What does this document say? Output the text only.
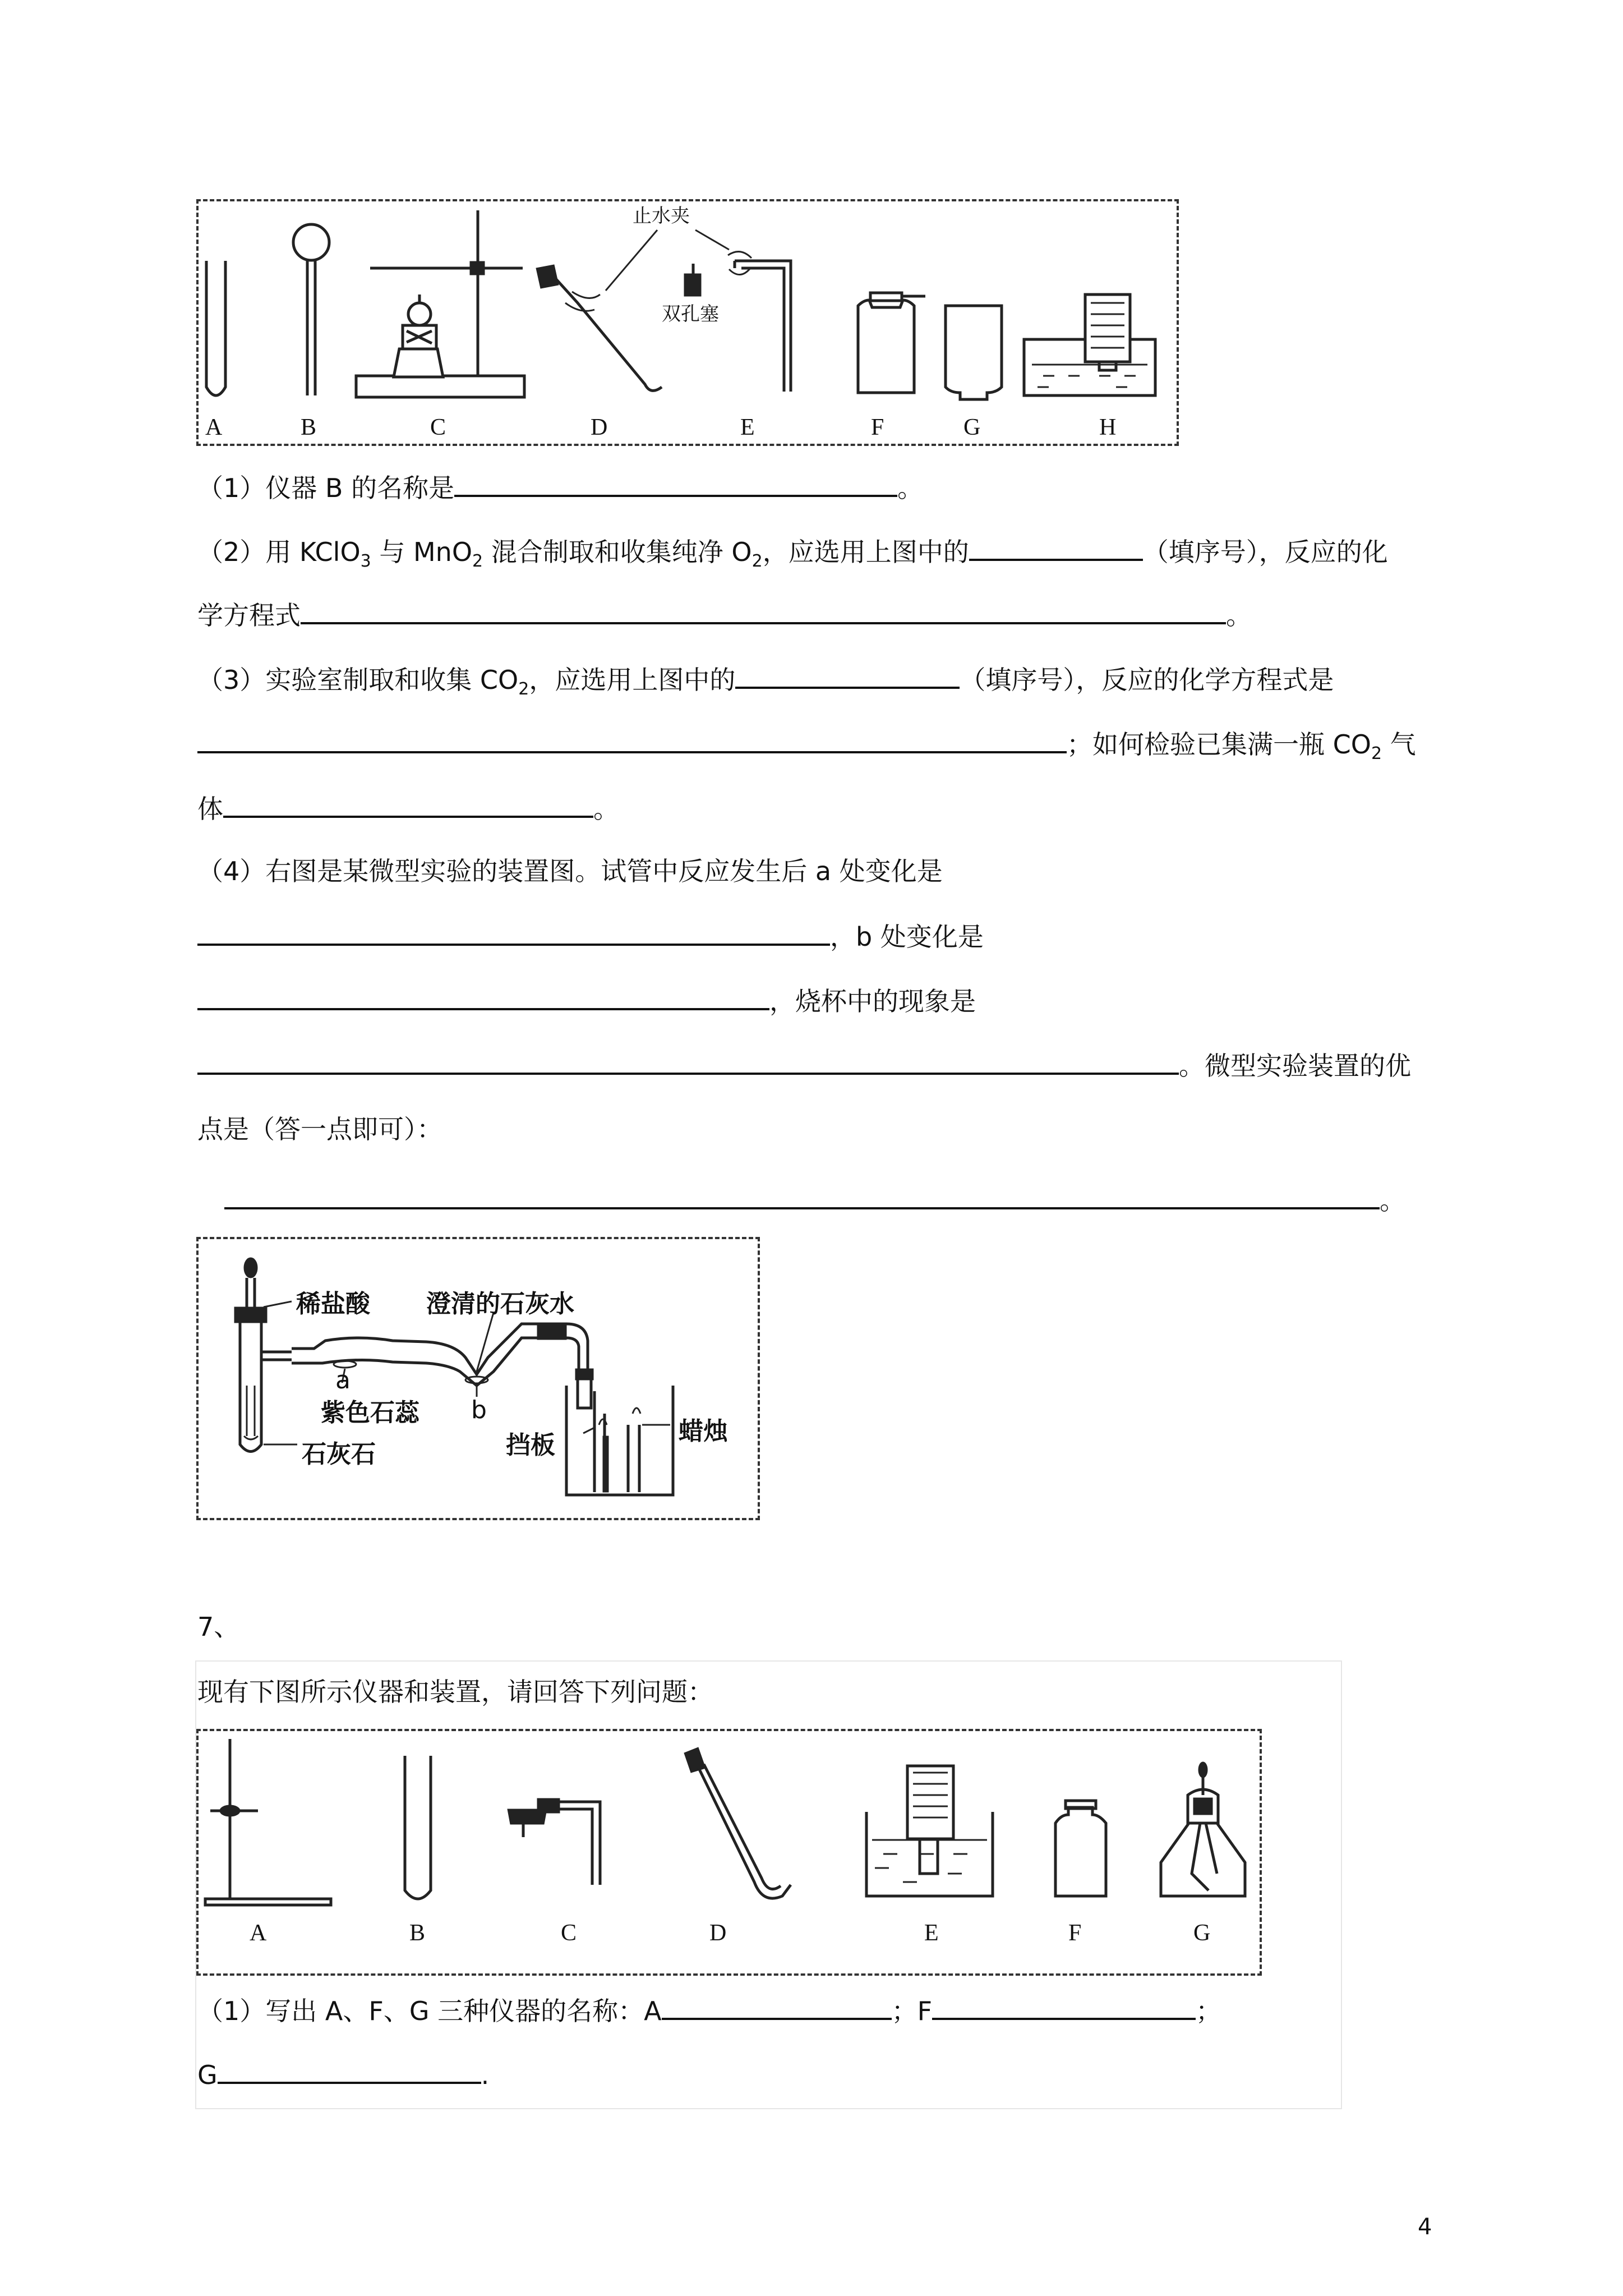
A	B	C	D	E	F	G	H
止水夹
双孔塞
（1）仪器 B 的名称是	。
（2）用 KClO$_3$ 与 MnO$_2$ 混合制取和收集纯净 $O_2$，应选用上图中的	（填序号），反应的化
学方程式	。
（3）实验室制取和收集 $CO_2$，应选用上图中的	（填序号），反应的化学方程式是
；如何检验已集满一瓶 $CO_2$ 气
体	。
（4）右图是某微型实验的装置图。试管中反应发生后 a 处变化是
，b 处变化是
，烧杯中的现象是
。微型实验装置的优
点是（答一点即可）：
。
稀盐酸 澄清的石灰水
a
紫色石蕊 b
挡板	蜡烛
石灰石
7、
现有下图所示仪器和装置，请回答下列问题：
A	B	C	D	E	F	G
（1）写出 A、F、G 三种仪器的名称：A	；F	；
G	.
4
